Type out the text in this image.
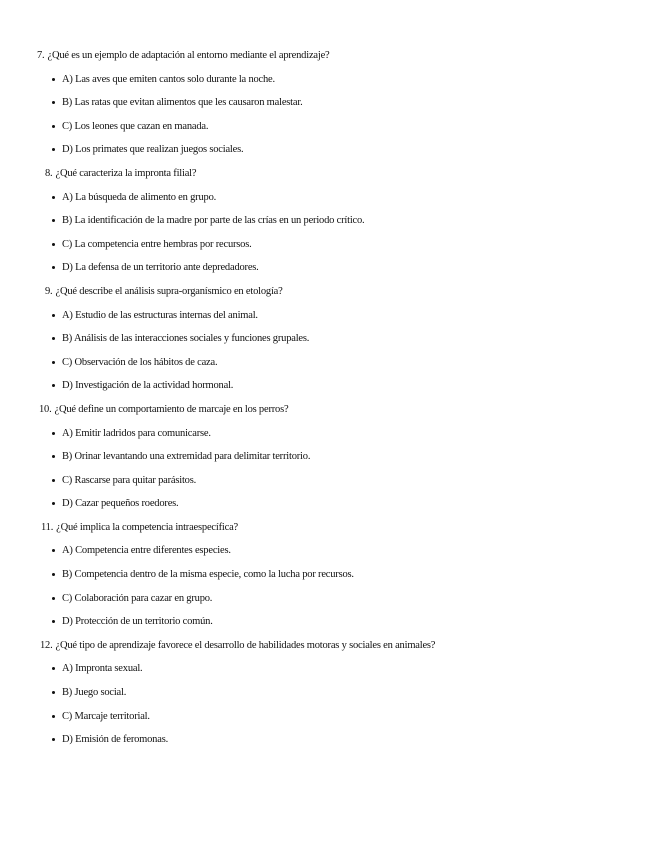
7. ¿Qué es un ejemplo de adaptación al entorno mediante el aprendizaje?
A) Las aves que emiten cantos solo durante la noche.
B) Las ratas que evitan alimentos que les causaron malestar.
C) Los leones que cazan en manada.
D) Los primates que realizan juegos sociales.
8. ¿Qué caracteriza la impronta filial?
A) La búsqueda de alimento en grupo.
B) La identificación de la madre por parte de las crías en un periodo crítico.
C) La competencia entre hembras por recursos.
D) La defensa de un territorio ante depredadores.
9. ¿Qué describe el análisis supra-organísmico en etología?
A) Estudio de las estructuras internas del animal.
B) Análisis de las interacciones sociales y funciones grupales.
C) Observación de los hábitos de caza.
D) Investigación de la actividad hormonal.
10. ¿Qué define un comportamiento de marcaje en los perros?
A) Emitir ladridos para comunicarse.
B) Orinar levantando una extremidad para delimitar territorio.
C) Rascarse para quitar parásitos.
D) Cazar pequeños roedores.
11. ¿Qué implica la competencia intraespecífica?
A) Competencia entre diferentes especies.
B) Competencia dentro de la misma especie, como la lucha por recursos.
C) Colaboración para cazar en grupo.
D) Protección de un territorio común.
12. ¿Qué tipo de aprendizaje favorece el desarrollo de habilidades motoras y sociales en animales?
A) Impronta sexual.
B) Juego social.
C) Marcaje territorial.
D) Emisión de feromonas.
